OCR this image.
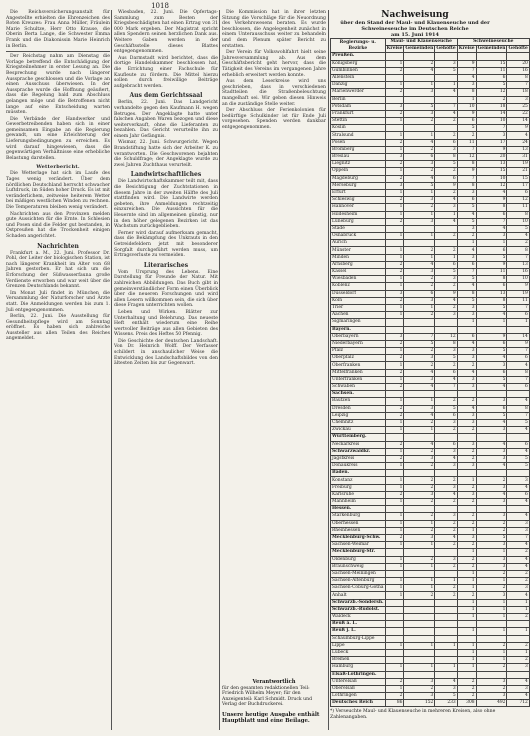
1018

Die Reichsversicherungsanstalt für Angestellte erhielten die Ehrenzeichen des Roten Kreuzes: Frau Anna Müller, Fräulein Marie Schultze, Herr Otto Krause, die Oberin Berta Lange, die Schwester Emma Frank und die Diakonissin Marie Heinrich in Berlin.

Der Reichstag nahm am Dienstag die Vorlage betreffend die Entschädigung der Kriegsteilnehmer in erster Lesung an. Die Besprechung wurde nach längerer Aussprache geschlossen und die Vorlage an einen Ausschuss überwiesen. In der Aussprache wurde die Hoffnung geäußert, dass die Regelung bald zum Abschluss gelangen möge und die Betroffenen nicht lange auf eine Entscheidung warten müssten.

Die Verbände der Handwerker und Gewerbetreibenden haben sich in einer gemeinsamen Eingabe an die Regierung gewandt, um eine Erleichterung der Lieferungsbedingungen zu erreichen. Es wird darauf hingewiesen, dass die gegenwärtigen Verhältnisse eine erhebliche Belastung darstellen.

Wetterbericht.

Die Wetterlage hat sich im Laufe des Tages wenig verändert. Über dem nördlichen Deutschland herrscht schwacher Luftdruck, im Süden hoher Druck. Es ist mit veränderlichem, zeitweise heiterem Wetter bei mäßigen westlichen Winden zu rechnen. Die Temperaturen bleiben wenig verändert.

Nachrichten aus den Provinzen melden gute Aussichten für die Ernte. In Schlesien und Posen sind die Felder gut bestanden, in Ostpreußen hat die Trockenheit einigen Schaden angerichtet.

Nachrichten

Frankfurt a. M., 22. Juni. Professor Dr. Pohl, der Leiter der biologischen Station, ist nach längerer Krankheit im Alter von 68 Jahren gestorben. Er hat sich um die Erforschung der Süßwasserfauna große Verdienste erworben und war weit über die Grenzen Deutschlands bekannt.

Im Monat Juli findet in München die Versammlung der Naturforscher und Ärzte statt. Die Anmeldungen werden bis zum 1. Juli entgegengenommen.

Berlin, 22. Juni. Die Ausstellung für Gesundheitspflege wird am Sonntag eröffnet. Es haben sich zahlreiche Aussteller aus allen Teilen des Reiches angemeldet.

Wiesbaden, 22. Juni. Die Opfertags-Sammlung zum Besten der Kriegsbeschädigten hat einen Ertrag von 31 000 Mark ergeben. Der Magistrat spricht allen Spendern seinen herzlichen Dank aus. Weitere Gaben werden in der Geschäftsstelle dieses Blattes entgegengenommen.

Aus Darmstadt wird berichtet, dass die dortige Handelskammer beschlossen hat, die Errichtung einer Fachschule für Kaufleute zu fördern. Die Mittel hierzu sollen durch freiwillige Beiträge aufgebracht werden.

Aus dem Gerichtssaal

Berlin, 22. Juni. Das Landgericht verhandelte gegen den Kaufmann H. wegen Betruges. Der Angeklagte hatte unter falschen Angaben Waren bezogen und diese weiterverkauft, ohne die Lieferanten zu bezahlen. Das Gericht verurteilte ihn zu einem Jahr Gefängnis.

Wismar, 22. Juni. Schwurgericht. Wegen Brandstiftung hatte sich der Arbeiter K. zu verantworten. Die Geschworenen bejahten die Schuldfrage; der Angeklagte wurde zu zwei Jahren Zuchthaus verurteilt.

Landwirtschaftliches

Die Landwirtschaftskammer teilt mit, dass die Besichtigung der Zuchtstationen in diesem Jahre in der zweiten Hälfte des Juli stattfinden wird. Die Landwirte werden gebeten, ihre Anmeldungen rechtzeitig einzureichen. Die Aussichten für die Heuernte sind im allgemeinen günstig, nur in den höher gelegenen Bezirken ist das Wachstum zurückgeblieben.

Ferner wird darauf aufmerksam gemacht, dass die Bekämpfung des Unkrauts in den Getreidefeldern jetzt mit besonderer Sorgfalt durchgeführt werden muss, um Ertragsverluste zu vermeiden.

Literarisches

Vom Ursprung des Lebens. Eine Darstellung für Freunde der Natur. Mit zahlreichen Abbildungen. Das Buch gibt in gemeinverständlicher Form einen Überblick über die neueren Forschungen und wird allen Lesern willkommen sein, die sich über diese Fragen unterrichten wollen.

Leben und Wirken. Blätter zur Unterhaltung und Belehrung. Das neueste Heft enthält wiederum eine Reihe wertvoller Beiträge aus allen Gebieten des Wissens. Preis des Heftes 50 Pfennig.

Die Geschichte der deutschen Landschaft. Von Dr. Heinrich Wolff. Der Verfasser schildert in anschaulicher Weise die Entwicklung des Landschaftsbildes von den ältesten Zeiten bis zur Gegenwart.

Die Kommission hat in ihrer letzten Sitzung die Vorschläge für die Neuordnung des Verkehrswesens beraten. Es wurde beschlossen, die Angelegenheit zunächst in einem Unterausschuss weiter zu behandeln und dem Plenum später Bericht zu erstatten.

Der Verein für Volkswohlfahrt hielt seine Jahresversammlung ab. Aus dem Geschäftsbericht geht hervor, dass die Tätigkeit des Vereins im vergangenen Jahre erheblich erweitert werden konnte.

Aus dem Leserkreise wird uns geschrieben, dass in verschiedenen Stadtteilen die Straßenbeleuchtung mangelhaft sei. Wir geben diesen Hinweis an die zuständige Stelle weiter.

Der Abschluss der Ferienkolonien für bedürftige Schulkinder ist für Ende Juli vorgesehen. Spenden werden dankbar entgegengenommen.

Verantwortlich
für den gesamten redaktionellen Teil: Friedrich Wilhelm Meyer; für den Anzeigenteil: Karl Schmidt. Druck und Verlag der Buchdruckerei.
Unsere heutige Ausgabe enthält Hauptblatt und eine Beilage.
Nachweisung
über den Stand der Maul- und Klauenseuche und der Schweineseuche im Deutschen Reiche
am 15. Juni 1914
Regierungs- u. Bezirke	Maul- und Klauenseuche			Schweineseuche		
	Kreise	Gemeinden	Gehöfte	Kreise	Gemeinden	Gehöfte
Preußen.						
Königsberg	1	2	3	9	15	20
Gumbinnen	2	4	5	7	11	16
Allenstein				4	6	8
Danzig	1	1	1	3	5	7
Marienwerder	2	3	4	8	12	18
Berlin				1	2	3
Potsdam	3	5	7	10	18	25
Frankfurt	2	3	4	9	14	22
Stettin	1	2	2	6	10	14
Köslin				5	7	9
Stralsund	1	1	2	2	3	4
Posen	2	4	6	11	17	24
Bromberg	1	2	3	7	9	13
Breslau	3	6	8	12	20	31
Liegnitz	2	3	5	8	13	19
Oppeln	1	2	2	9	15	21
Magdeburg	2	4	6	7	10	15
Merseburg	3	5	9	8	12	17
Erfurt	1	1	2	3	4	6
Schleswig	2	3	4	6	9	12
Hannover	1	2	3	5	8	11
Hildesheim	1	1	1	4	6	8
Lüneburg	2	3	4	5	7	10
Stade				3	4	5
Osnabrück	1	1	2	2	3	4
Aurich				1	1	2
Münster	1	2	2	4	6	8
Minden	1	1	1	3	5	7
Arnsberg	2	4	6	6	9	13
Kassel	2	3	5	7	11	16
Wiesbaden	1	2	3	5	8	10
Koblenz	1	2	2	4	6	9
Düsseldorf	3	6	9	8	13	19
Köln	2	3	4	5	8	11
Trier	1	1	2	3	5	7
Aachen	1	2	3	3	4	6
Sigmaringen				1	1	1
Bayern.						
Oberbayern	3	7	12	6	9	14
Niederbayern	2	5	8	4	6	9
Pfalz	1	2	3	3	5	7
Oberpfalz	2	3	5	3	4	6
Oberfranken	1	2	2	2	3	4
Mittelfranken	2	4	6	4	6	8
Unterfranken	1	3	4	3	5	7
Schwaben	2	4	7	3	4	6
Sachsen.						
Bautzen	1	1	2	2	3	4
Dresden	2	3	5	4	6	8
Leipzig	2	4	6	3	5	7
Chemnitz	1	2	3	3	4	5
Zwickau	1	1	2	2	3	4
Württemberg.						
Neckarkreis	2	4	6	3	4	6
Schwarzwaldkr.	1	2	3	2	3	4
Jagstkreis	2	3	4	2	3	5
Donaukreis	1	2	3	3	4	5
Baden.						
Konstanz	1	2	2	1	2	3
Freiburg	1	2	3	2	3	4
Karlsruhe	2	3	4	3	4	6
Mannheim	1	2	2	2	3	4
Hessen.						
Starkenburg	1	2	3	2	3	4
Oberhessen	1	1	2	2	2	3
Rheinhessen	1	2	2	1	2	3
Mecklenburg-Schw.	2	3	4	3	5	7
Sachsen-Weimar	1	1	2	2	3	4
Mecklenburg-Str.				1	1	2
Oldenburg	1	2	3	2	3	4
Braunschweig	1	1	2	2	3	4
Sachsen-Meiningen				1	2	2
Sachsen-Altenburg	1	1	1	1	1	2
Sachsen-Coburg-Gotha	1	1	2	1	2	3
Anhalt	1	2	2	2	3	4
Schwarzb.-Sondersh.				1	1	1
Schwarzb.-Rudolst.				1	1	1
Waldeck				1	1	2
Reuß ä. L.						
Reuß j. L.				1	1	1
Schaumburg-Lippe						
Lippe	1	1	1	1	2	2
Lübeck				1	1	1
Bremen				1	1	2
Hamburg	1	1	1	1	2	3
Elsaß-Lothringen.						
Unterelsaß	2	3	4	2	3	4
Oberelsaß	1	2	3	2	2	3
Lothringen	2	3	5	2	3	4
Deutsches Reich	86	152	233	308	492	712
*) Verseuchte Maul- und Klauenseuche in mehreren Kreisen, also ohne Zahlenangaben.
